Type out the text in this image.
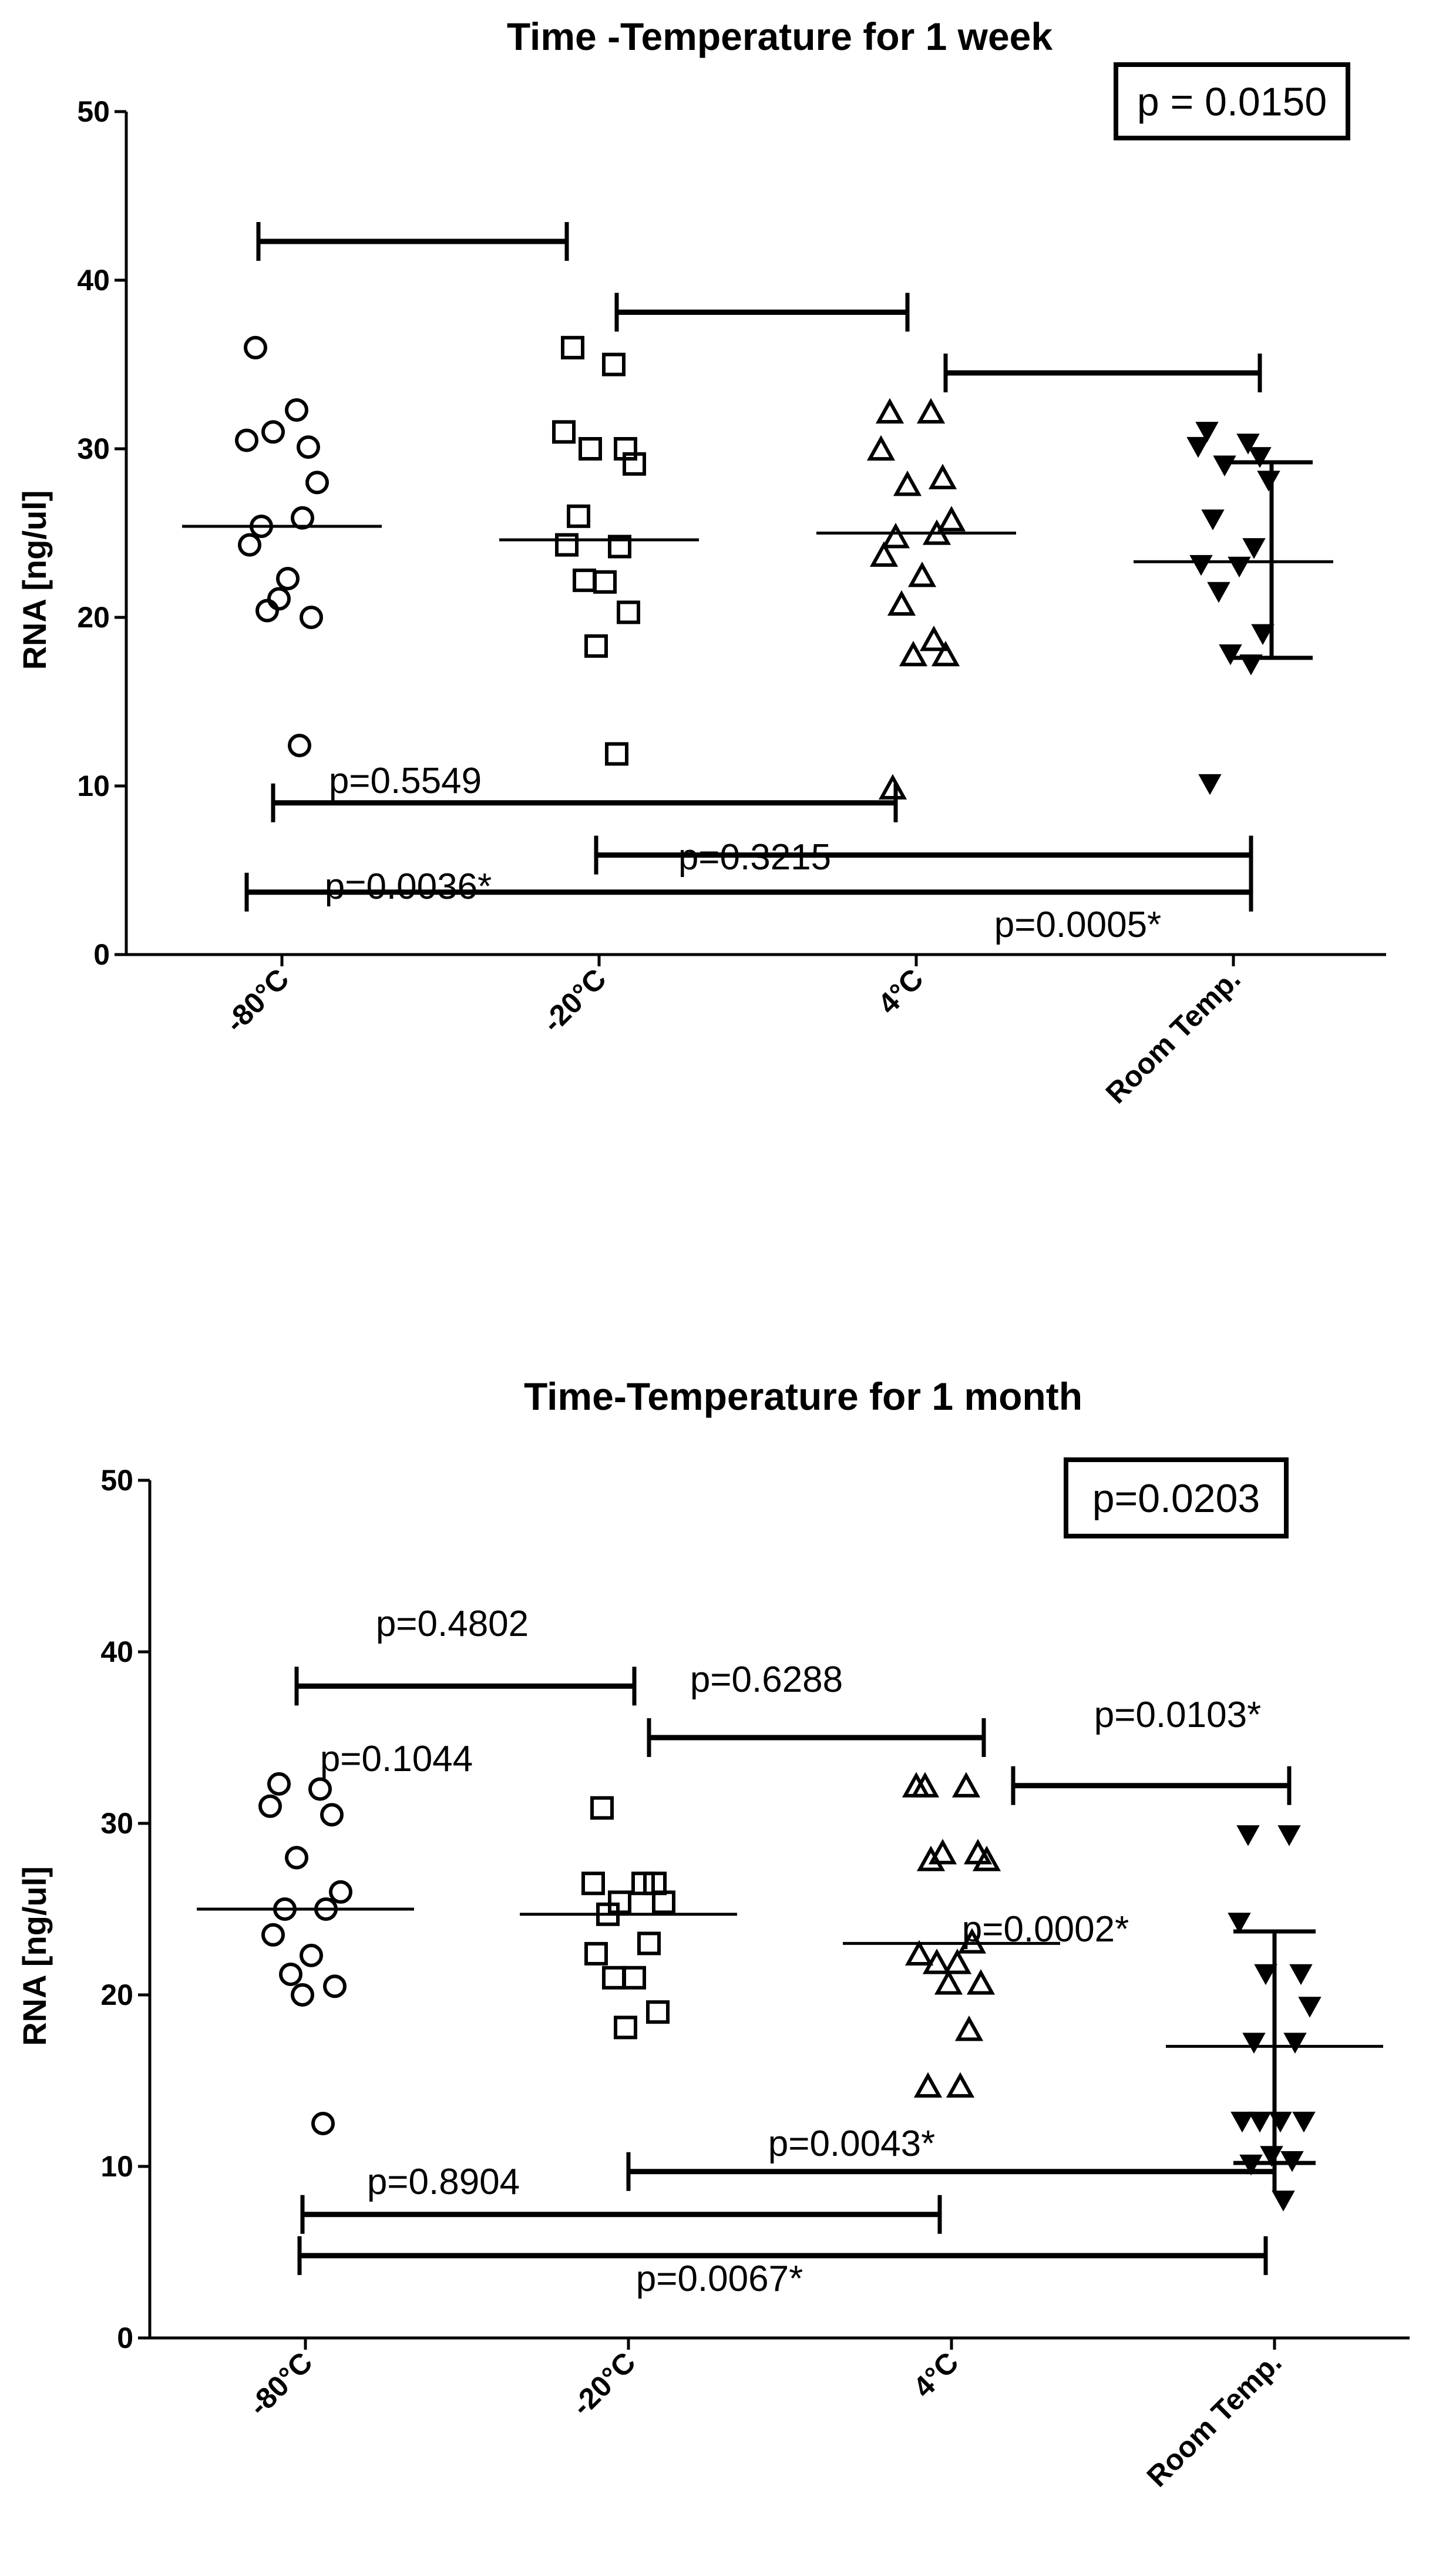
Time -Temperature for 1 week
0
10
20
30
40
50
RNA [ng/ul]
-80°C	-20°C	4°C	Room Temp.
p = 0.0150
p=0.5549
p=0.3215
p=0.0005*
p=0.1044
p=0.0002*
p=0.0036*
Time-Temperature for 1 month
0
10
20
30
40
50
RNA [ng/ul]
-80°C	-20°C	4°C	Room Temp.
p=0.0203
p=0.4802
p=0.6288
p=0.0103*
p=0.0043*
p=0.8904
p=0.0067*
